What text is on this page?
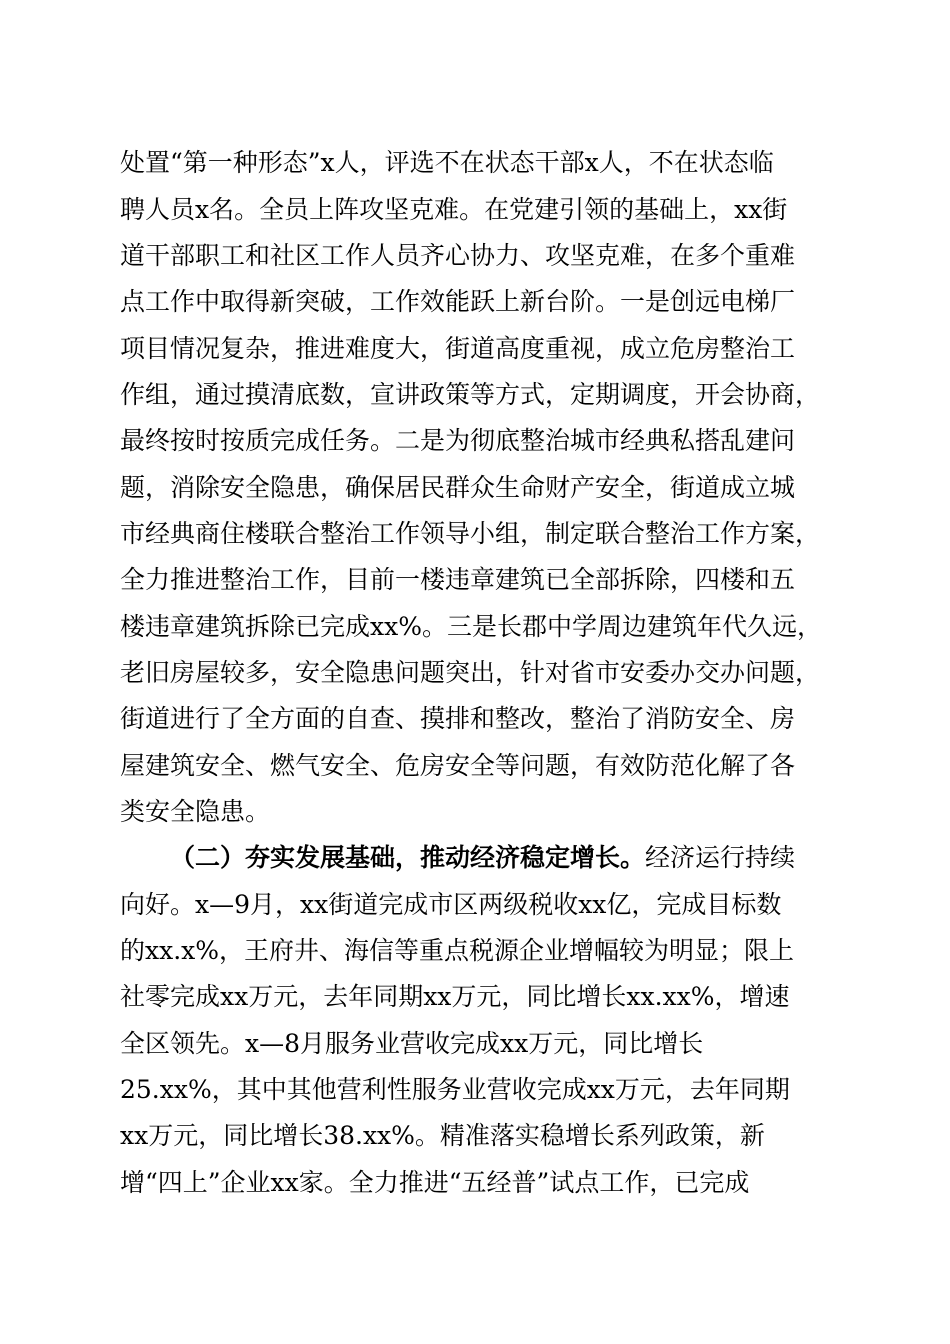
处置“第一种形态”x人，评选不在状态干部x人，不在状态临
聘人员x名。全员上阵攻坚克难。在党建引领的基础上，xx街
道干部职工和社区工作人员齐心协力、攻坚克难，在多个重难
点工作中取得新突破，工作效能跃上新台阶。一是创远电梯厂
项目情况复杂，推进难度大，街道高度重视，成立危房整治工
作组，通过摸清底数，宣讲政策等方式，定期调度，开会协商，
最终按时按质完成任务。二是为彻底整治城市经典私搭乱建问
题，消除安全隐患，确保居民群众生命财产安全，街道成立城
市经典商住楼联合整治工作领导小组，制定联合整治工作方案，
全力推进整治工作，目前一楼违章建筑已全部拆除，四楼和五
楼违章建筑拆除已完成xx%。三是长郡中学周边建筑年代久远，
老旧房屋较多，安全隐患问题突出，针对省市安委办交办问题，
街道进行了全方面的自查、摸排和整改，整治了消防安全、房
屋建筑安全、燃气安全、危房安全等问题，有效防范化解了各
类安全隐患。
（二）夯实发展基础，推动经济稳定增长。经济运行持续
向好。x—9月，xx街道完成市区两级税收xx亿，完成目标数
的xx.x%，王府井、海信等重点税源企业增幅较为明显；限上
社零完成xx万元，去年同期xx万元，同比增长xx.xx%，增速
全区领先。x—8月服务业营收完成xx万元，同比增长
25.xx%，其中其他营利性服务业营收完成xx万元，去年同期
xx万元，同比增长38.xx%。精准落实稳增长系列政策，新
增“四上”企业xx家。全力推进“五经普”试点工作，已完成
